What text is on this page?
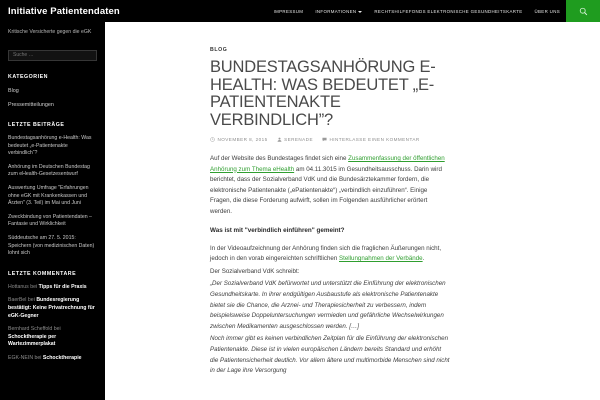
Initiative Patientendaten	IMPRESSUM	INFORMATIONEN	RECHTSHILFEFONDS ELEKTRONISCHE GESUNDHEITSKARTE	ÜBER UNS
Kritische Versicherte gegen die eGK
Suche …
KATEGORIEN
Blog
Pressemitteilungen
LETZTE BEITRÄGE
Bundestagsanhörung e-Health: Was bedeutet „e-Patientenakte verbindlich“?
Anhörung im Deutschen Bundestag zum eHealth-Gesetzesentwurf
Auswertung Umfrage "Erfahrungen ohne eGK mit Krankenkassen und Ärzten" (3. Teil) im Mai und Juni
Zweckbindung von Patientendaten – Fantasie und Wirklichkeit
Süddeutsche am 27. 5. 2015: Speichern (von medizinischen Daten) lohnt sich
LETZTE KOMMENTARE
Hottanus bei Tipps für die Praxis
BaerBel bei Bundesregierung bestätigt: Keine Privatrechnung für eGK-Gegner
Bernhard Scheffold bei Schocktherapie per Wartezimmerplakat
EGK-NEIN bei Schocktherapie
BLOG
BUNDESTAGSANHÖRUNG E-HEALTH: WAS BEDEUTET „E-PATIENTENAKTE VERBINDLICH”?
NOVEMBER 8, 2015	SERENADE	HINTERLASSE EINEN KOMMENTAR

Auf der Website des Bundestages findet sich eine Zusammenfassung der öffentlichen Anhörung zum Thema eHealth am 04.11.3015 im Gesundheitsausschuss. Darin wird berichtet, dass der Sozialverband VdK und die Bundesärztekammer fordern, die elektronische Patientenakte („ePatientenakte“) „verbindlich einzuführen“. Einige Fragen, die diese Forderung aufwirft, sollen im Folgenden ausführlicher erörtert werden.

Was ist mit "verbindlich einführen" gemeint?

In der Videoaufzeichnung der Anhörung finden sich die fraglichen Äußerungen nicht, jedoch in den vorab eingereichten schriftlichen Stellungnahmen der Verbände.

Der Sozialverband VdK schreibt:

„Der Sozialverband VdK befürwortet und unterstützt die Einführung der elektronischen Gesundheitskarte. In ihrer endgültigen Ausbaustufe als elektronische Patientenakte bietet sie die Chance, die Arznei- und Therapiesicherheit zu verbessern, indem beispielsweise Doppeluntersuchungen vermieden und gefährliche Wechselwirkungen zwischen Medikamenten ausgeschlossen werden. […]

Noch immer gibt es keinen verbindlichen Zeitplan für die Einführung der elektronischen Patientenakte. Diese ist in vielen europäischen Ländern bereits Standard und erhöht die Patientensicherheit deutlich. Vor allem ältere und multimorbide Menschen sind nicht in der Lage ihre Versorgung
